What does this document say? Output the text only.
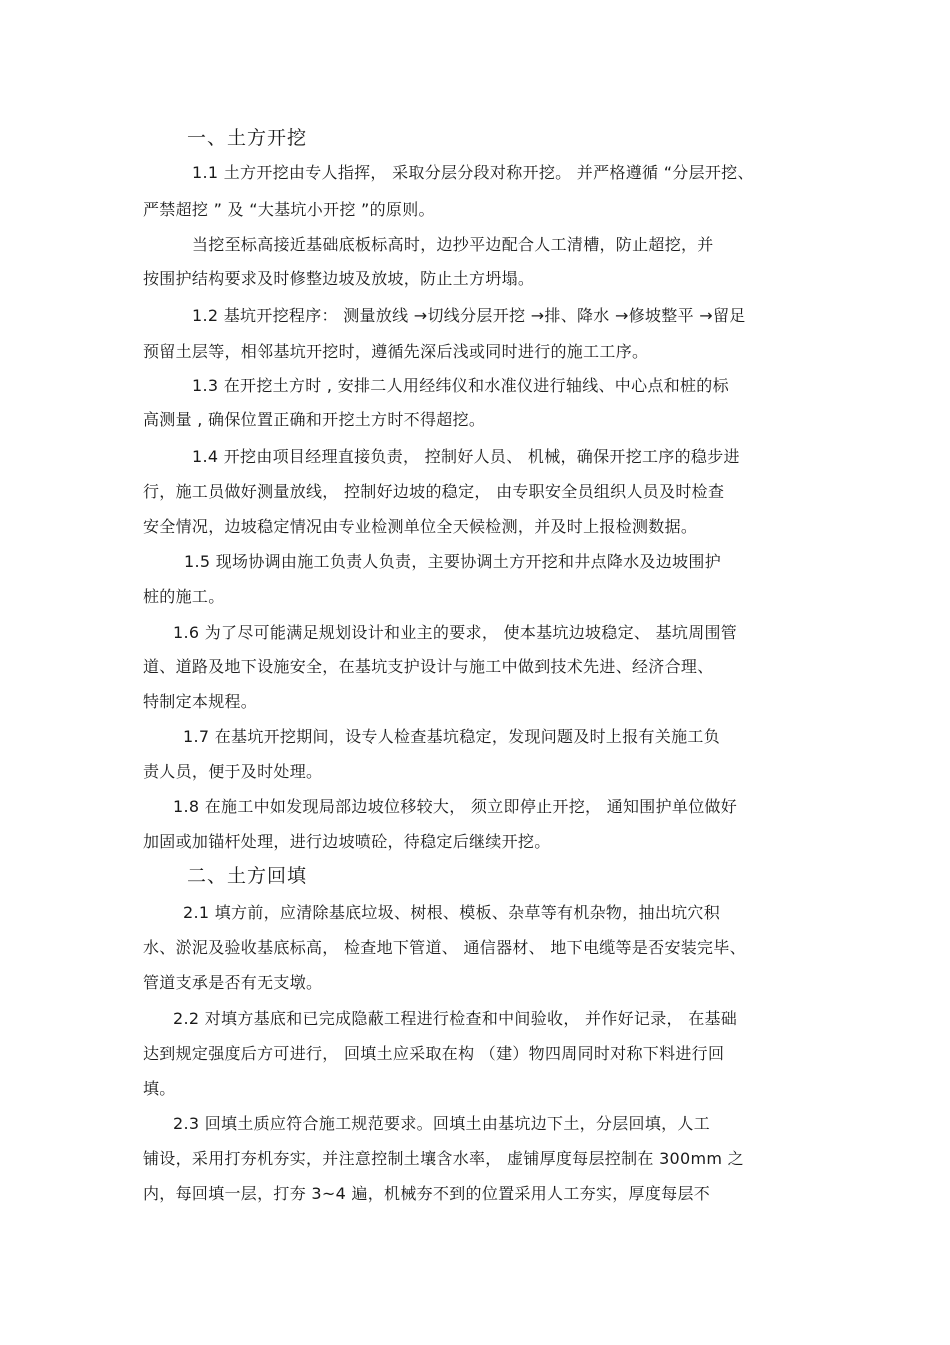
一、土方开挖
1.1 土方开挖由专人指挥， 采取分层分段对称开挖。 并严格遵循 “分层开挖、
严禁超挖 ” 及 “大基坑小开挖 ”的原则。
当挖至标高接近基础底板标高时，边抄平边配合人工清槽，防止超挖，并
按围护结构要求及时修整边坡及放坡，防止土方坍塌。
1.2 基坑开挖程序： 测量放线 →切线分层开挖 →排、降水 →修坡整平 →留足
预留土层等，相邻基坑开挖时，遵循先深后浅或同时进行的施工工序。
1.3 在开挖土方时 , 安排二人用经纬仪和水准仪进行轴线、中心点和桩的标
高测量 , 确保位置正确和开挖土方时不得超挖。
1.4 开挖由项目经理直接负责， 控制好人员、 机械，确保开挖工序的稳步进
行，施工员做好测量放线， 控制好边坡的稳定， 由专职安全员组织人员及时检查
安全情况，边坡稳定情况由专业检测单位全天候检测，并及时上报检测数据。
1.5 现场协调由施工负责人负责，主要协调土方开挖和井点降水及边坡围护
桩的施工。
1.6 为了尽可能满足规划设计和业主的要求， 使本基坑边坡稳定、 基坑周围管
道、道路及地下设施安全，在基坑支护设计与施工中做到技术先进、经济合理、
特制定本规程。
1.7 在基坑开挖期间，设专人检查基坑稳定，发现问题及时上报有关施工负
责人员，便于及时处理。
1.8 在施工中如发现局部边坡位移较大， 须立即停止开挖， 通知围护单位做好
加固或加锚杆处理，进行边坡喷砼，待稳定后继续开挖。
二、土方回填
2.1 填方前，应清除基底垃圾、树根、模板、杂草等有机杂物，抽出坑穴积
水、淤泥及验收基底标高， 检查地下管道、 通信器材、 地下电缆等是否安装完毕、
管道支承是否有无支墩。
2.2 对填方基底和已完成隐蔽工程进行检查和中间验收， 并作好记录， 在基础
达到规定强度后方可进行， 回填土应采取在构 （建）物四周同时对称下料进行回
填。
2.3 回填土质应符合施工规范要求。回填土由基坑边下土，分层回填，人工
铺设，采用打夯机夯实，并注意控制土壤含水率， 虚铺厚度每层控制在 300mm 之
内，每回填一层，打夯 3~4 遍，机械夯不到的位置采用人工夯实，厚度每层不
